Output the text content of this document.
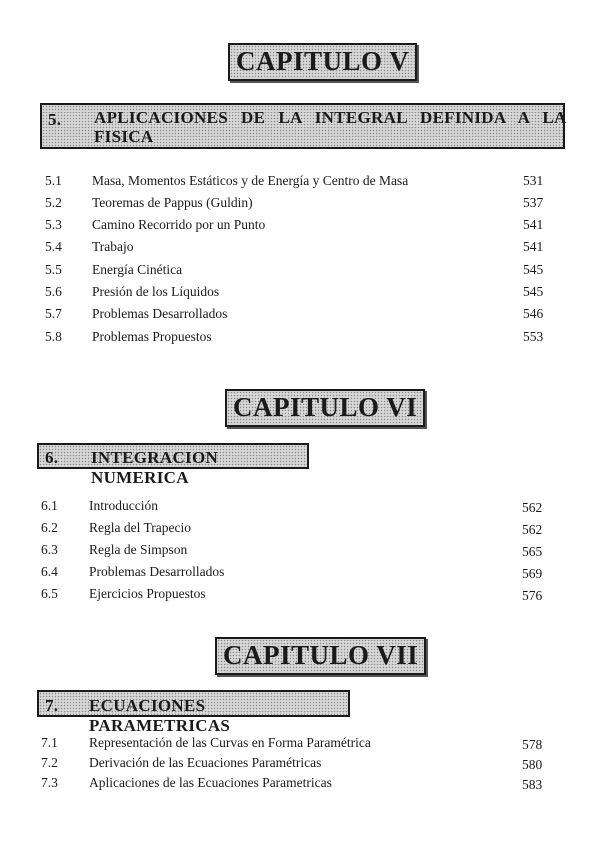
CAPITULO V
5. APLICACIONES  DE  LA  INTEGRAL  DEFINIDA  A  LA
FISICA
5.1 Masa, Momentos Estáticos y de Energía y Centro de Masa	531
5.2 Teoremas de Pappus (Guldin)	537
5.3 Camino Recorrido por un Punto	541
5.4 Trabajo	541
5.5 Energía Cinética	545
5.6 Presión de los Líquidos	545
5.7 Problemas Desarrollados	546
5.8 Problemas Propuestos	553
CAPITULO VI
6. INTEGRACION NUMERICA
6.1 Introducción	562
6.2 Regla del Trapecio	562
6.3 Regla de Simpson	565
6.4 Problemas Desarrollados	569
6.5 Ejercicios Propuestos	576
CAPITULO VII
7. ECUACIONES PARAMETRICAS
7.1 Representación de las Curvas en Forma Paramétrica	578
7.2 Derivación de las Ecuaciones Paramétricas	580
7.3 Aplicaciones de las Ecuaciones Parametricas	583
